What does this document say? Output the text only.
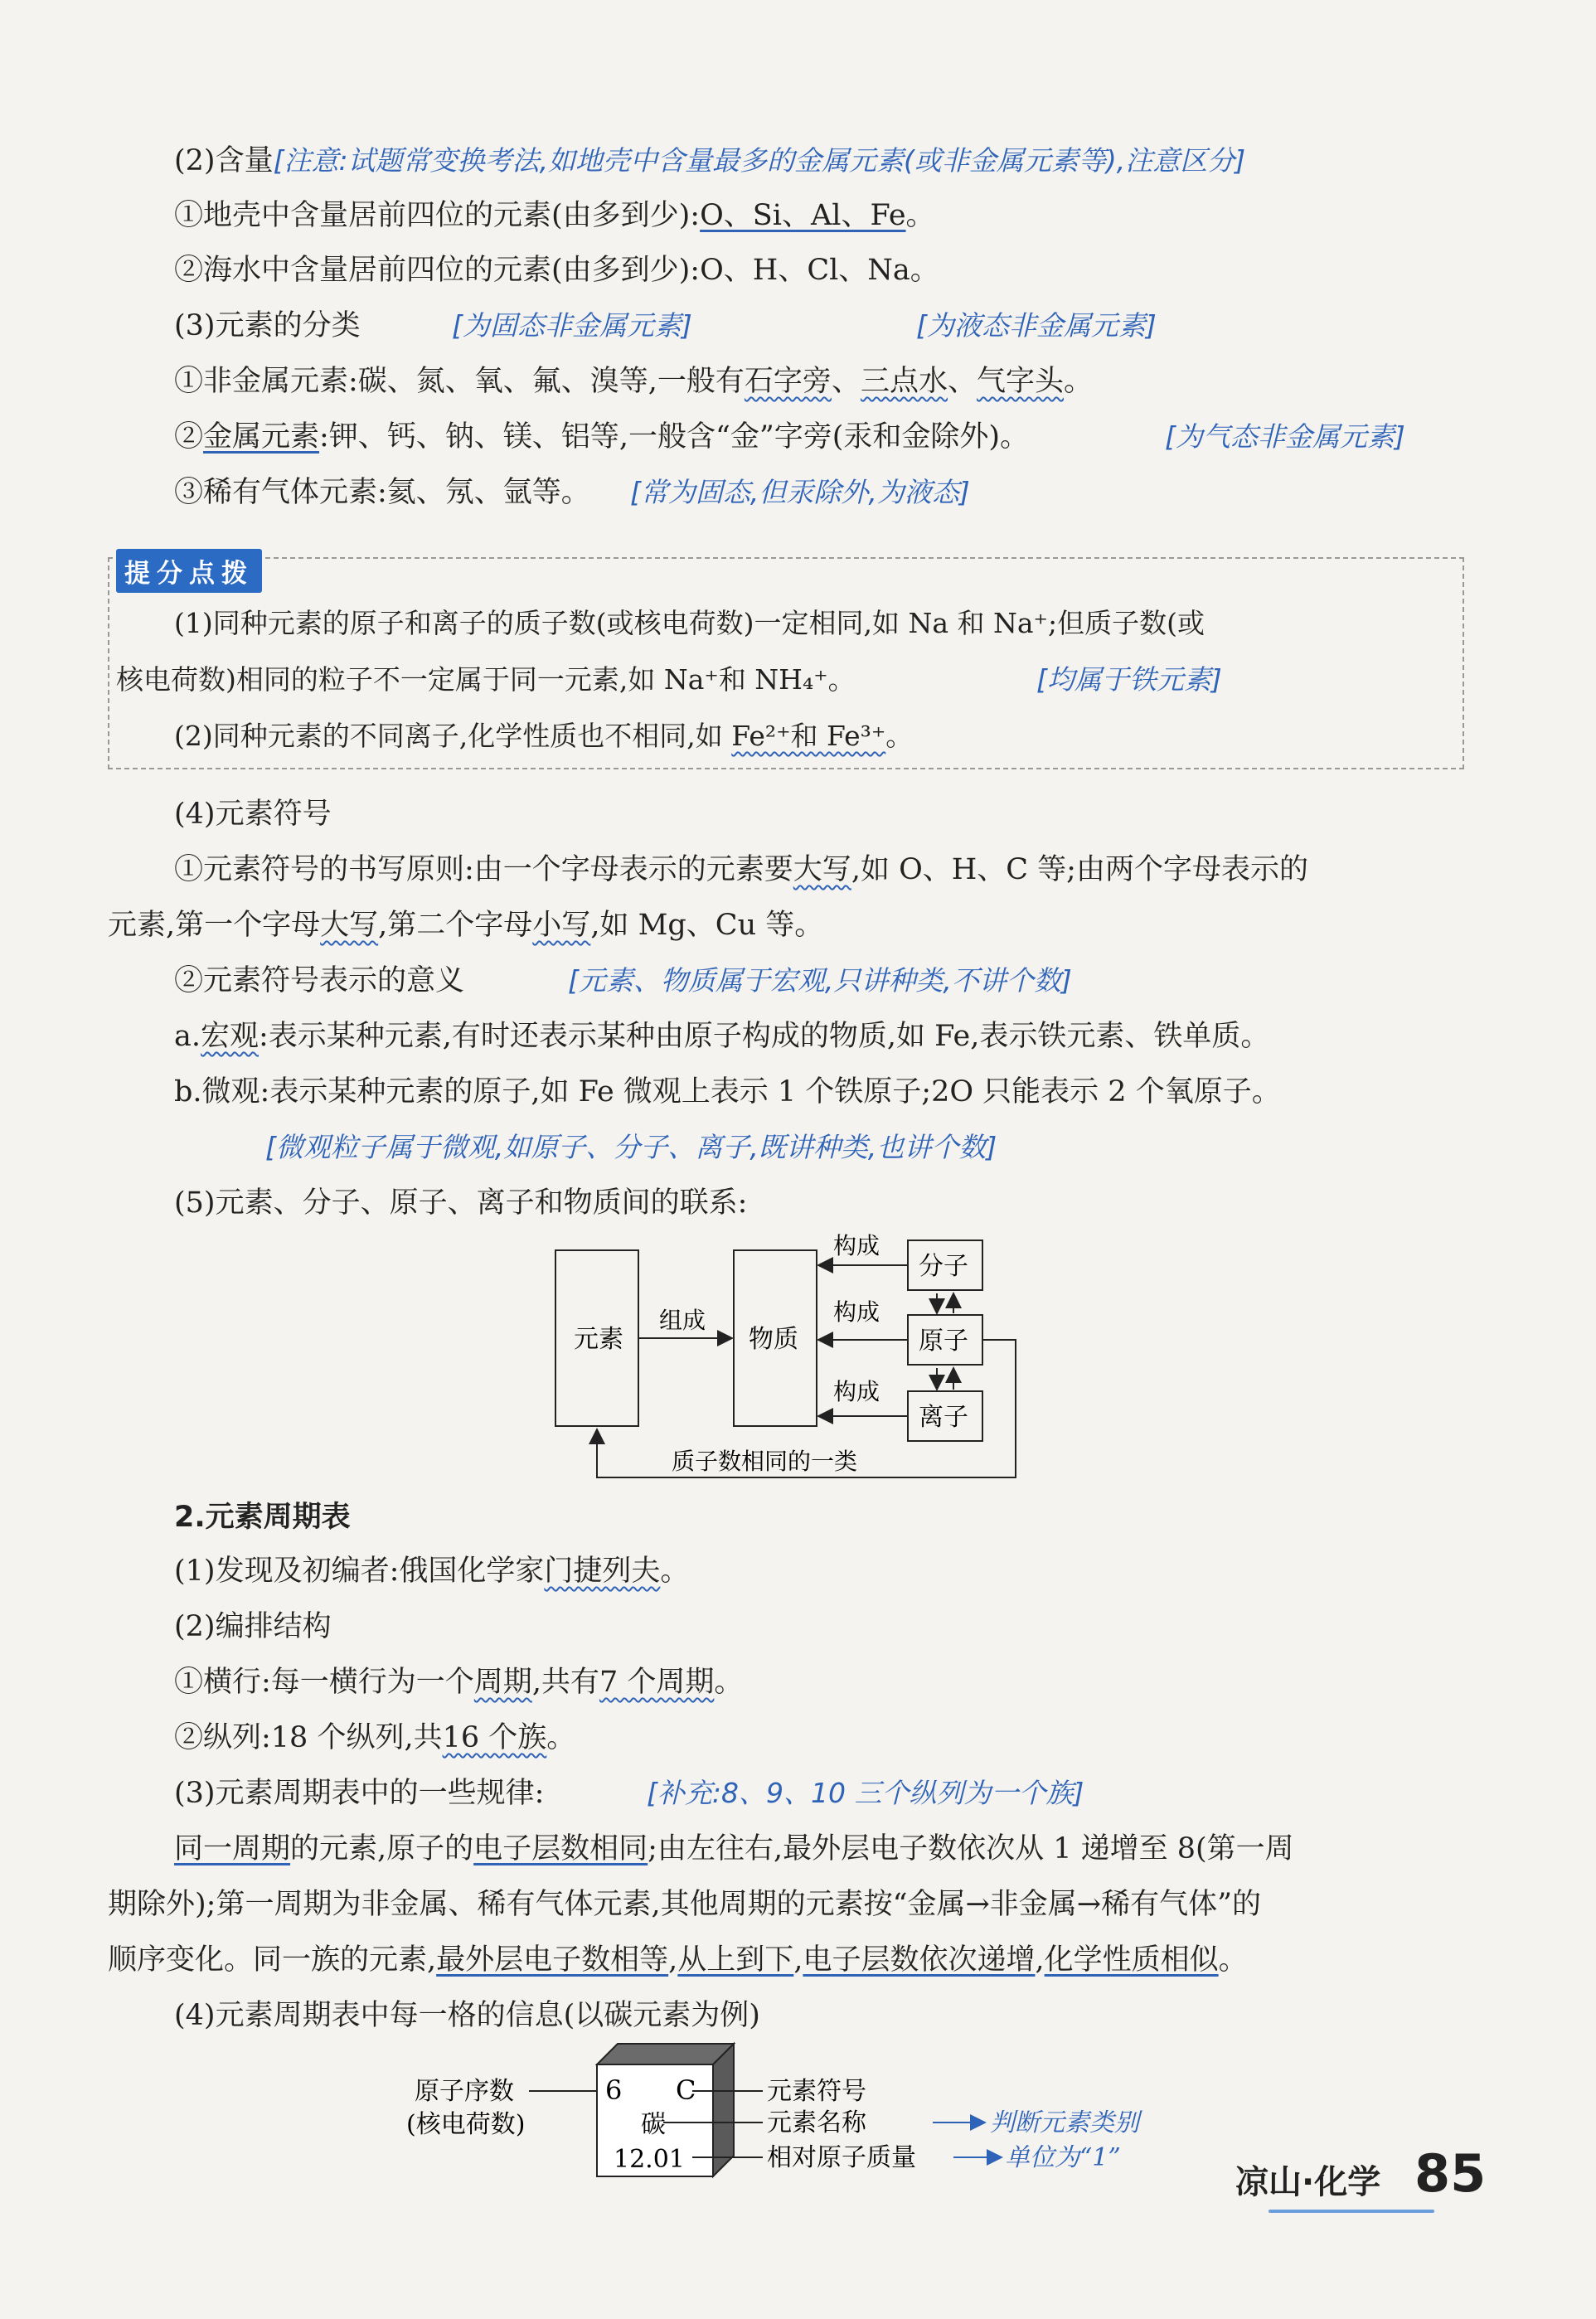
(2)含量[注意:试题常变换考法,如地壳中含量最多的金属元素(或非金属元素等),注意区分]
①地壳中含量居前四位的元素(由多到少):O、Si、Al、Fe。
②海水中含量居前四位的元素(由多到少):O、H、Cl、Na。
(3)元素的分类	[为固态非金属元素]	[为液态非金属元素]
①非金属元素:碳、氮、氧、氟、溴等,一般有石字旁、三点水、气字头。
②金属元素:钾、钙、钠、镁、铝等,一般含“金”字旁(汞和金除外)。	[为气态非金属元素]
③稀有气体元素:氦、氖、氩等。 [常为固态,但汞除外,为液态]
提分点拨
(1)同种元素的原子和离子的质子数(或核电荷数)一定相同,如 Na 和 Na⁺;但质子数(或
核电荷数)相同的粒子不一定属于同一元素,如 Na⁺和 NH₄⁺。	[均属于铁元素]
(2)同种元素的不同离子,化学性质也不相同,如 Fe²⁺和 Fe³⁺。
(4)元素符号
①元素符号的书写原则:由一个字母表示的元素要大写,如 O、H、C 等;由两个字母表示的
元素,第一个字母大写,第二个字母小写,如 Mg、Cu 等。
②元素符号表示的意义	[元素、物质属于宏观,只讲种类,不讲个数]
a.宏观:表示某种元素,有时还表示某种由原子构成的物质,如 Fe,表示铁元素、铁单质。
b.微观:表示某种元素的原子,如 Fe 微观上表示 1 个铁原子;2O 只能表示 2 个氧原子。
[微观粒子属于微观,如原子、分子、离子,既讲种类,也讲个数]
(5)元素、分子、原子、离子和物质间的联系:
元素	物质
分子
原子
离子
组成
构成
构成
构成
质子数相同的一类
2.元素周期表
(1)发现及初编者:俄国化学家门捷列夫。
(2)编排结构
①横行:每一横行为一个周期,共有7 个周期。
②纵列:18 个纵列,共16 个族。
(3)元素周期表中的一些规律:	[补充:8、9、10 三个纵列为一个族]
同一周期的元素,原子的电子层数相同;由左往右,最外层电子数依次从 1 递增至 8(第一周
期除外);第一周期为非金属、稀有气体元素,其他周期的元素按“金属→非金属→稀有气体”的
顺序变化。同一族的元素,最外层电子数相等,从上到下,电子层数依次递增,化学性质相似。
(4)元素周期表中每一格的信息(以碳元素为例)
6 C
碳
12.01
原子序数
(核电荷数)
元素符号
元素名称
相对原子质量
判断元素类别
单位为“1”
凉山·化学 85
